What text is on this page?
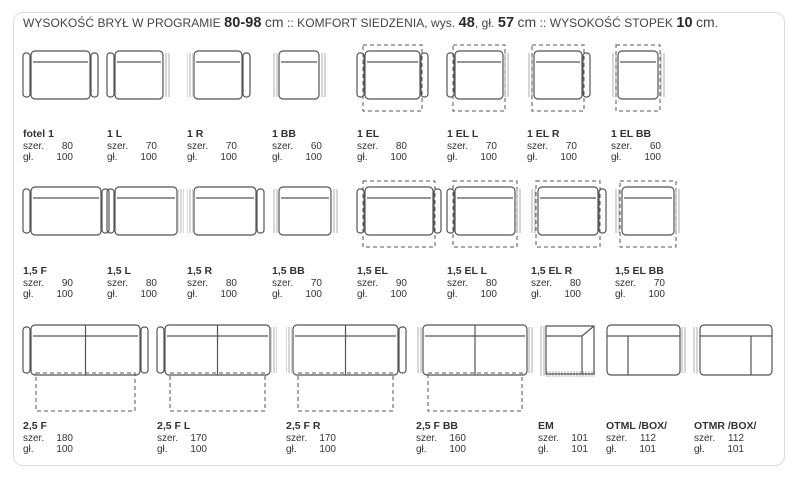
WYSOKOŚĆ BRYŁ W PROGRAMIE 80-98 cm :: KOMFORT SIEDZENIA, wys. 48, gł. 57 cm :: WYSOKOŚĆ STOPEK 10 cm.
fotel 1
szer. 80
gł. 100
1 L
szer. 70
gł. 100
1 R
szer. 70
gł. 100
1 BB
szer. 60
gł. 100
1 EL
szer. 80
gł. 100
1 EL L
szer. 70
gł. 100
1 EL R
szer. 70
gł. 100
1 EL BB
szer. 60
gł. 100
1,5 F
szer. 90
gł. 100
1,5 L
szer. 80
gł. 100
1,5 R
szer. 80
gł. 100
1,5 BB
szer. 70
gł. 100
1,5 EL
szer. 90
gł. 100
1,5 EL L
szer. 80
gł. 100
1,5 EL R
szer. 80
gł. 100
1,5 EL BB
szer. 70
gł. 100
2,5 F
szer. 180
gł. 100
2,5 F L
szer. 170
gł. 100
2,5 F R
szer. 170
gł. 100
2,5 F BB
szer. 160
gł. 100
EM
szer. 101
gł. 101
OTML /BOX/
szer. 112
gł. 101
OTMR /BOX/
szer. 112
gł. 101
